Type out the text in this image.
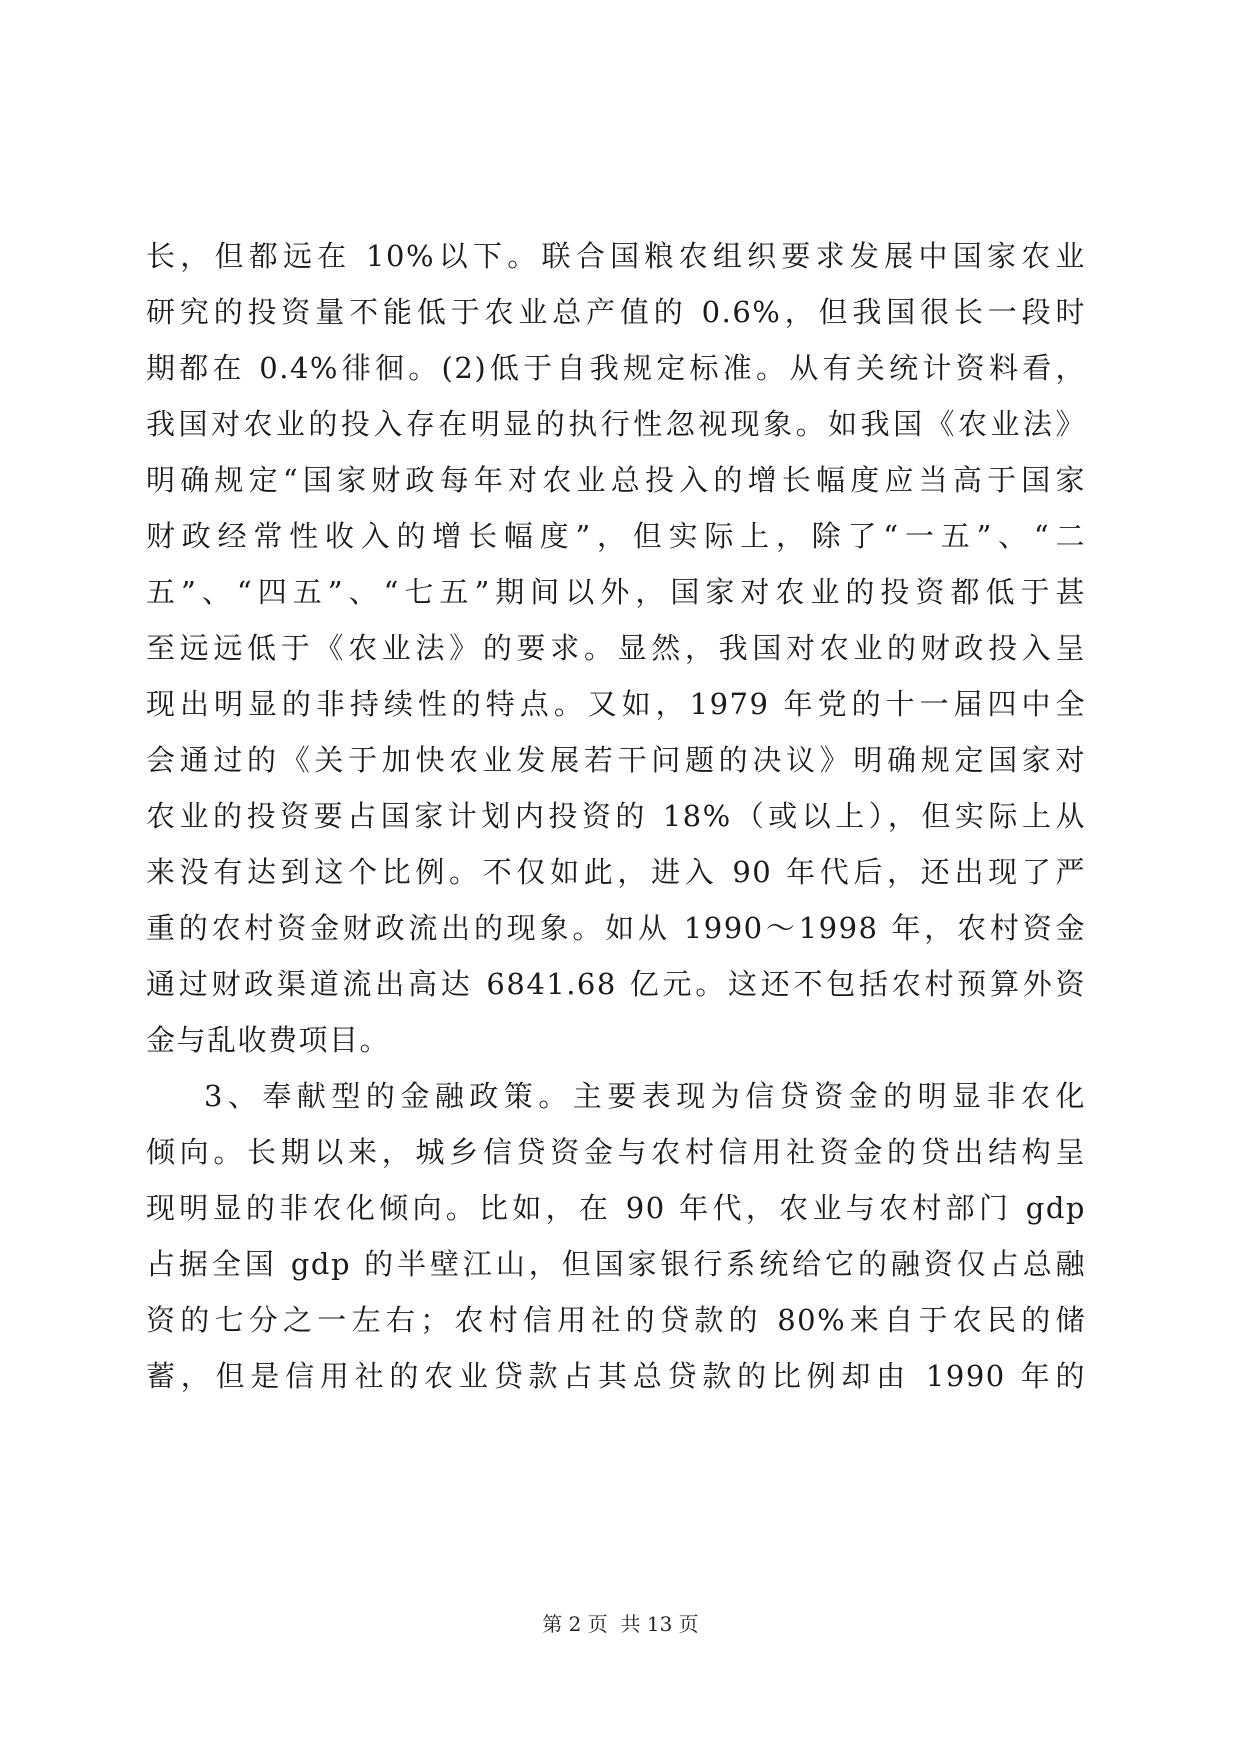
长，但都远在 10%以下。联合国粮农组织要求发展中国家农业
研究的投资量不能低于农业总产值的 0.6%，但我国很长一段时
期都在 0.4%徘徊。(2)低于自我规定标准。从有关统计资料看，
我国对农业的投入存在明显的执行性忽视现象。如我国《农业法》
明确规定“国家财政每年对农业总投入的增长幅度应当高于国家
财政经常性收入的增长幅度”，但实际上，除了“一五”、“二
五”、“四五”、“七五”期间以外，国家对农业的投资都低于甚
至远远低于《农业法》的要求。显然，我国对农业的财政投入呈
现出明显的非持续性的特点。又如，1979 年党的十一届四中全
会通过的《关于加快农业发展若干问题的决议》明确规定国家对
农业的投资要占国家计划内投资的 18%（或以上），但实际上从
来没有达到这个比例。不仅如此，进入 90 年代后，还出现了严
重的农村资金财政流出的现象。如从 1990～1998 年，农村资金
通过财政渠道流出高达 6841.68 亿元。这还不包括农村预算外资
金与乱收费项目。
3、奉献型的金融政策。主要表现为信贷资金的明显非农化
倾向。长期以来，城乡信贷资金与农村信用社资金的贷出结构呈
现明显的非农化倾向。比如，在 90 年代，农业与农村部门 gdp
占据全国 gdp 的半壁江山，但国家银行系统给它的融资仅占总融
资的七分之一左右；农村信用社的贷款的 80%来自于农民的储
蓄，但是信用社的农业贷款占其总贷款的比例却由 1990 年的
第 2 页  共 13 页
